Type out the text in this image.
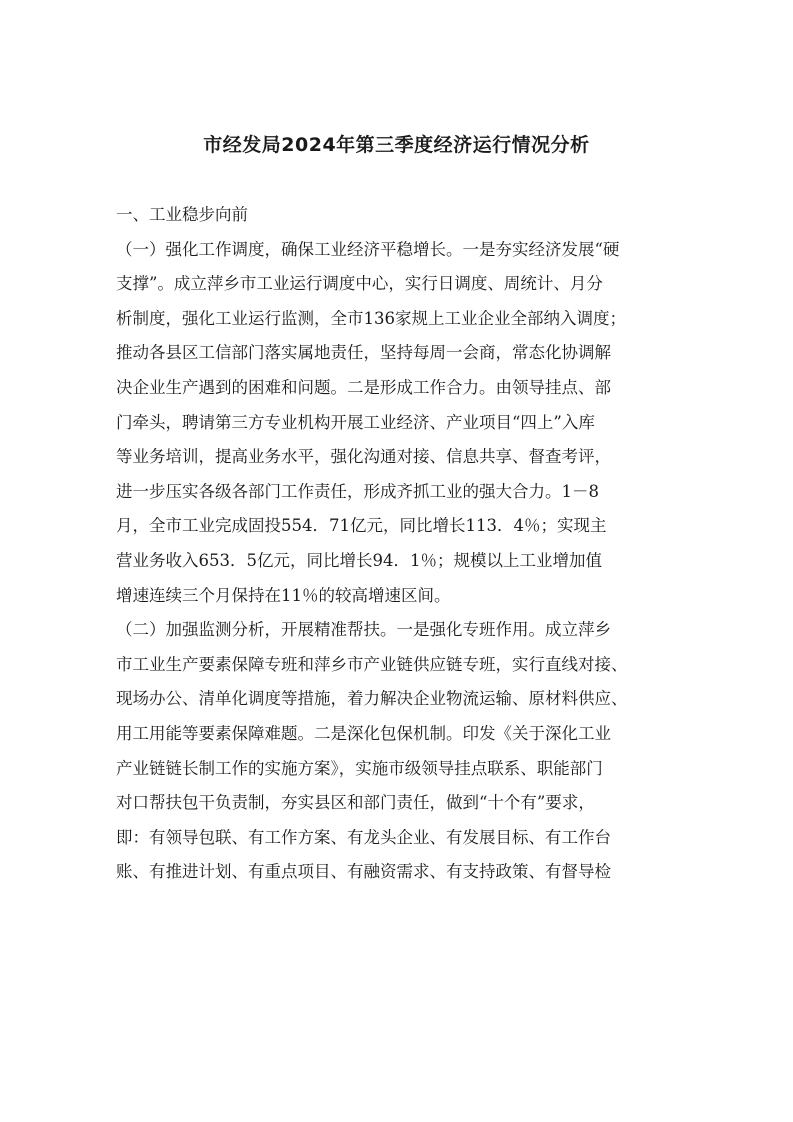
市经发局2024年第三季度经济运行情况分析
一、工业稳步向前
（一）强化工作调度，确保工业经济平稳增长。一是夯实经济发展“硬
支撑”。成立萍乡市工业运行调度中心，实行日调度、周统计、月分
析制度，强化工业运行监测，全市136家规上工业企业全部纳入调度；
推动各县区工信部门落实属地责任，坚持每周一会商，常态化协调解
决企业生产遇到的困难和问题。二是形成工作合力。由领导挂点、部
门牵头，聘请第三方专业机构开展工业经济、产业项目“四上”入库
等业务培训，提高业务水平，强化沟通对接、信息共享、督查考评，
进一步压实各级各部门工作责任，形成齐抓工业的强大合力。1－8
月，全市工业完成固投554．71亿元，同比增长113．4％；实现主
营业务收入653．5亿元，同比增长94．1％；规模以上工业增加值
增速连续三个月保持在11％的较高增速区间。
（二）加强监测分析，开展精准帮扶。一是强化专班作用。成立萍乡
市工业生产要素保障专班和萍乡市产业链供应链专班，实行直线对接、
现场办公、清单化调度等措施，着力解决企业物流运输、原材料供应、
用工用能等要素保障难题。二是深化包保机制。印发《关于深化工业
产业链链长制工作的实施方案》，实施市级领导挂点联系、职能部门
对口帮扶包干负责制，夯实县区和部门责任，做到“十个有”要求，
即：有领导包联、有工作方案、有龙头企业、有发展目标、有工作台
账、有推进计划、有重点项目、有融资需求、有支持政策、有督导检
